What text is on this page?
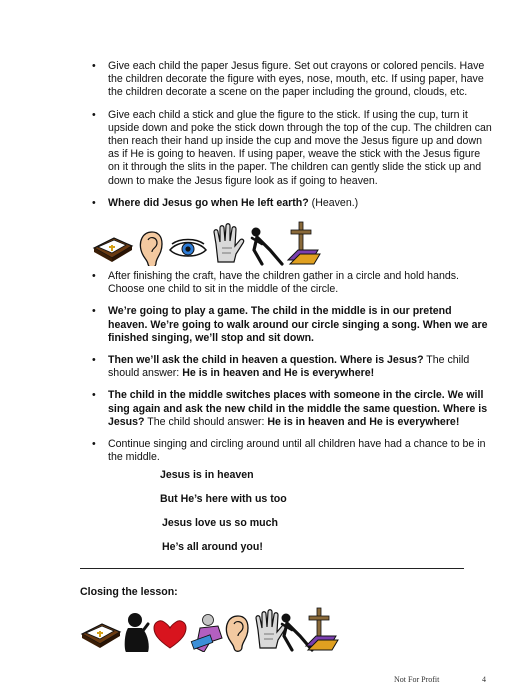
• Give each child the paper Jesus figure. Set out crayons or colored pencils. Have the children decorate the figure with eyes, nose, mouth, etc. If using paper, have the children decorate a scene on the paper including the ground, clouds, etc.
• Give each child a stick and glue the figure to the stick. If using the cup, turn it upside down and poke the stick down through the top of the cup. The children can then reach their hand up inside the cup and move the Jesus figure up and down as if He is going to heaven. If using paper, weave the stick with the Jesus figure on it through the slits in the paper. The children can gently slide the stick up and down to make the Jesus figure look as if going to heaven.
• Where did Jesus go when He left earth? (Heaven.)
• After finishing the craft, have the children gather in a circle and hold hands. Choose one child to sit in the middle of the circle.
• We’re going to play a game. The child in the middle is in our pretend heaven. We’re going to walk around our circle singing a song. When we are finished singing, we’ll stop and sit down.
• Then we’ll ask the child in heaven a question. Where is Jesus? The child should answer: He is in heaven and He is everywhere!
• The child in the middle switches places with someone in the circle. We will sing again and ask the new child in the middle the same question. Where is Jesus? The child should answer: He is in heaven and He is everywhere!
• Continue singing and circling around until all children have had a chance to be in the middle.
Jesus is in heaven
But He’s here with us too
Jesus love us so much
He’s all around you!
Closing the lesson:
Not For Profit	4
